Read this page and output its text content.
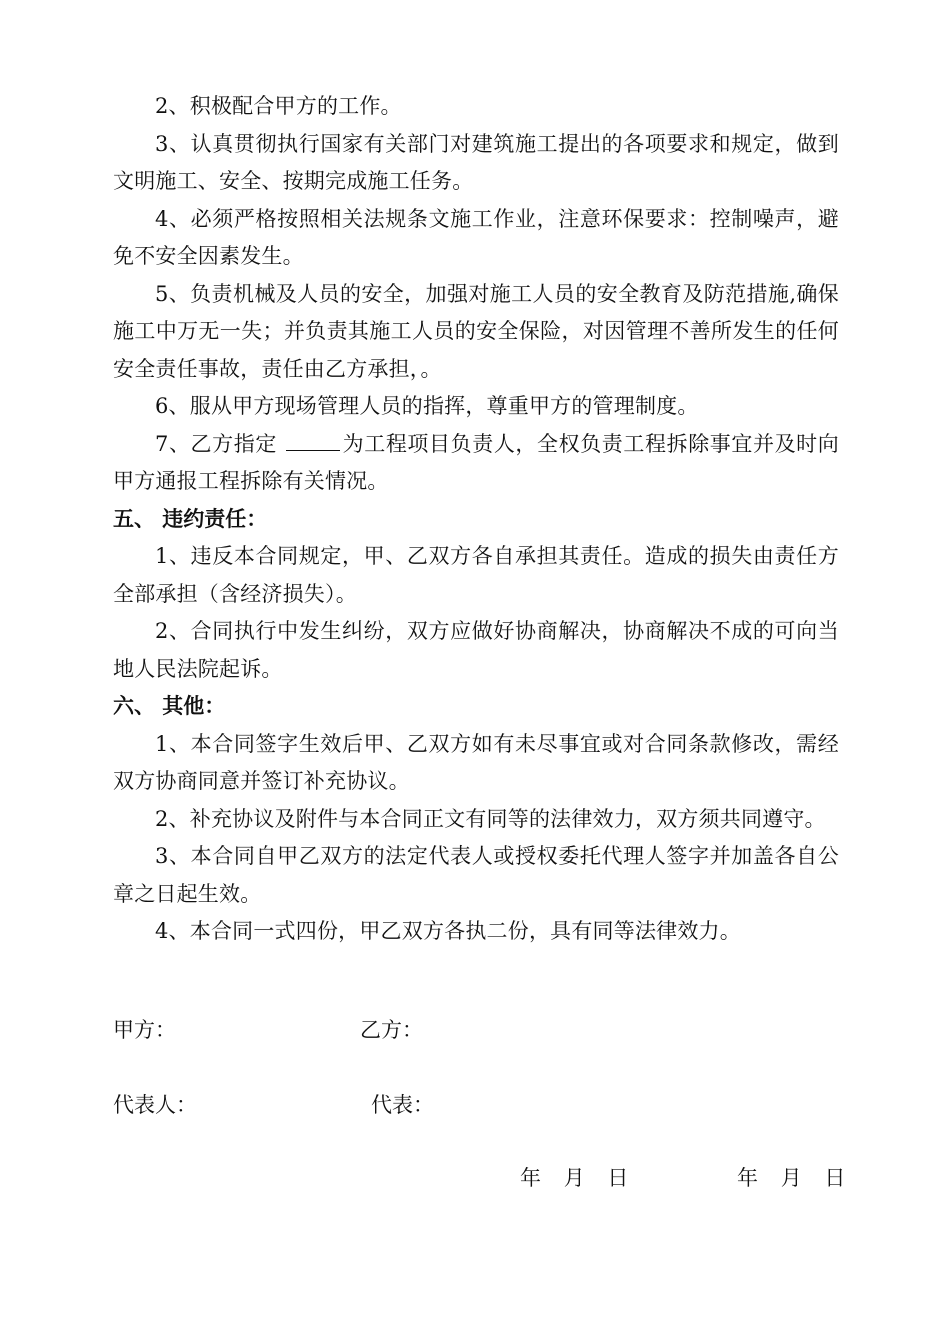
2、积极配合甲方的工作。

3、认真贯彻执行国家有关部门对建筑施工提出的各项要求和规定，做到文明施工、安全、按期完成施工任务。

4、必须严格按照相关法规条文施工作业，注意环保要求：控制噪声，避免不安全因素发生。

5、负责机械及人员的安全，加强对施工人员的安全教育及防范措施,确保施工中万无一失；并负责其施工人员的安全保险，对因管理不善所发生的任何安全责任事故，责任由乙方承担，。

6、服从甲方现场管理人员的指挥，尊重甲方的管理制度。

7、乙方指定	为工程项目负责人，全权负责工程拆除事宜并及时向甲方通报工程拆除有关情况。

五、 违约责任：

1、违反本合同规定，甲、乙双方各自承担其责任。造成的损失由责任方全部承担（含经济损失）。

2、合同执行中发生纠纷，双方应做好协商解决，协商解决不成的可向当地人民法院起诉。

六、 其他：

1、本合同签字生效后甲、乙双方如有未尽事宜或对合同条款修改，需经双方协商同意并签订补充协议。

2、补充协议及附件与本合同正文有同等的法律效力，双方须共同遵守。

3、本合同自甲乙双方的法定代表人或授权委托代理人签字并加盖各自公章之日起生效。

4、本合同一式四份，甲乙双方各执二份，具有同等法律效力。

甲方：	乙方：
代表人：	代表：
年 月 日	年 月 日
